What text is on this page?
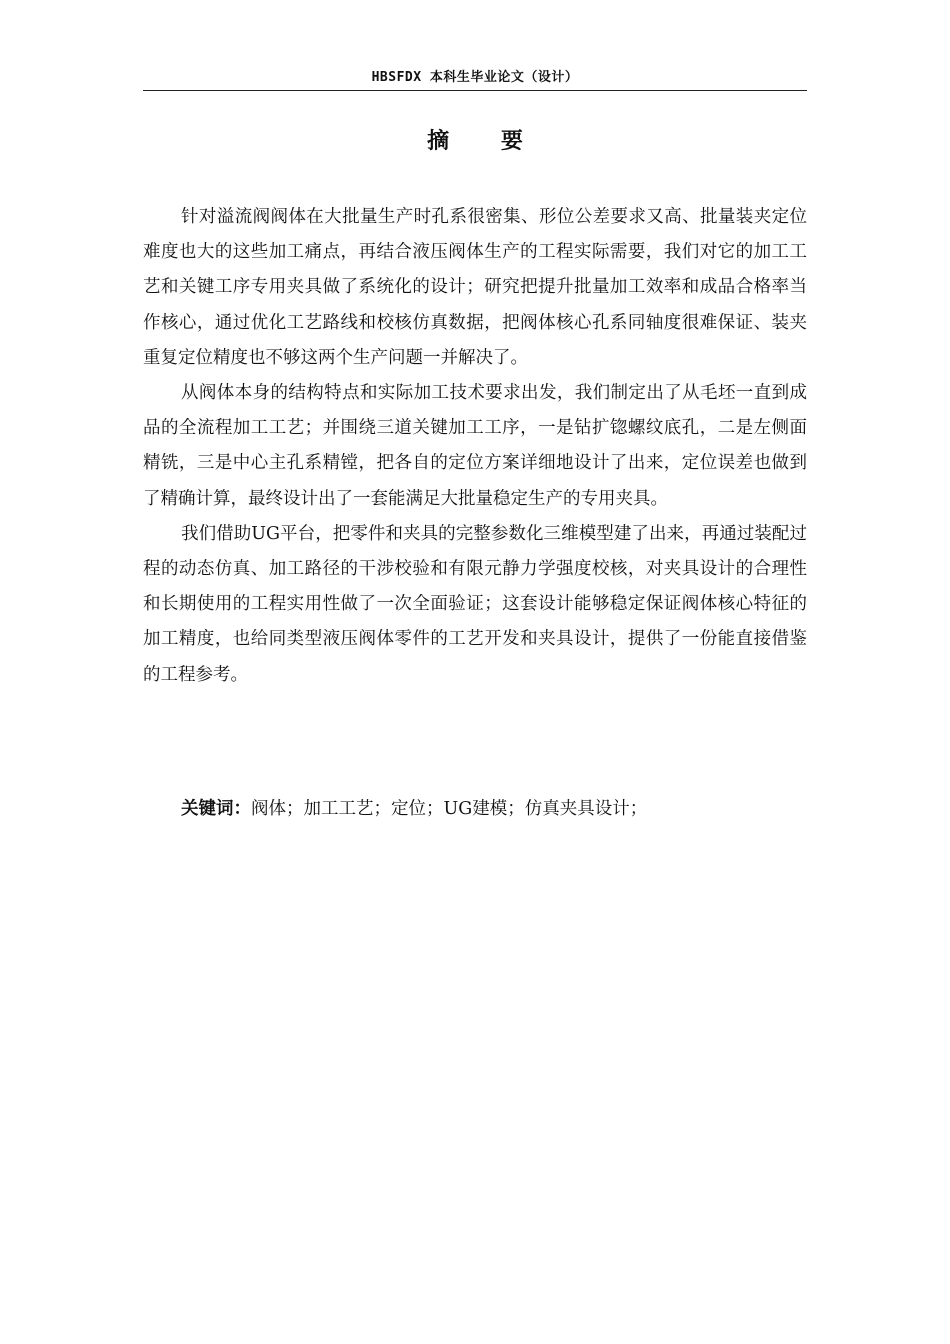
HBSFDX 本科生毕业论文（设计）
摘 要

针对溢流阀阀体在大批量生产时孔系很密集、形位公差要求又高、批量装夹定位难度也大的这些加工痛点，再结合液压阀体生产的工程实际需要，我们对它的加工工艺和关键工序专用夹具做了系统化的设计；研究把提升批量加工效率和成品合格率当作核心，通过优化工艺路线和校核仿真数据，把阀体核心孔系同轴度很难保证、装夹重复定位精度也不够这两个生产问题一并解决了。

从阀体本身的结构特点和实际加工技术要求出发，我们制定出了从毛坯一直到成品的全流程加工工艺；并围绕三道关键加工工序，一是钻扩锪螺纹底孔，二是左侧面精铣，三是中心主孔系精镗，把各自的定位方案详细地设计了出来，定位误差也做到了精确计算，最终设计出了一套能满足大批量稳定生产的专用夹具。

我们借助UG平台，把零件和夹具的完整参数化三维模型建了出来，再通过装配过程的动态仿真、加工路径的干涉校验和有限元静力学强度校核，对夹具设计的合理性和长期使用的工程实用性做了一次全面验证；这套设计能够稳定保证阀体核心特征的加工精度，也给同类型液压阀体零件的工艺开发和夹具设计，提供了一份能直接借鉴的工程参考。

关键词：阀体；加工工艺；定位；UG建模；仿真夹具设计；
